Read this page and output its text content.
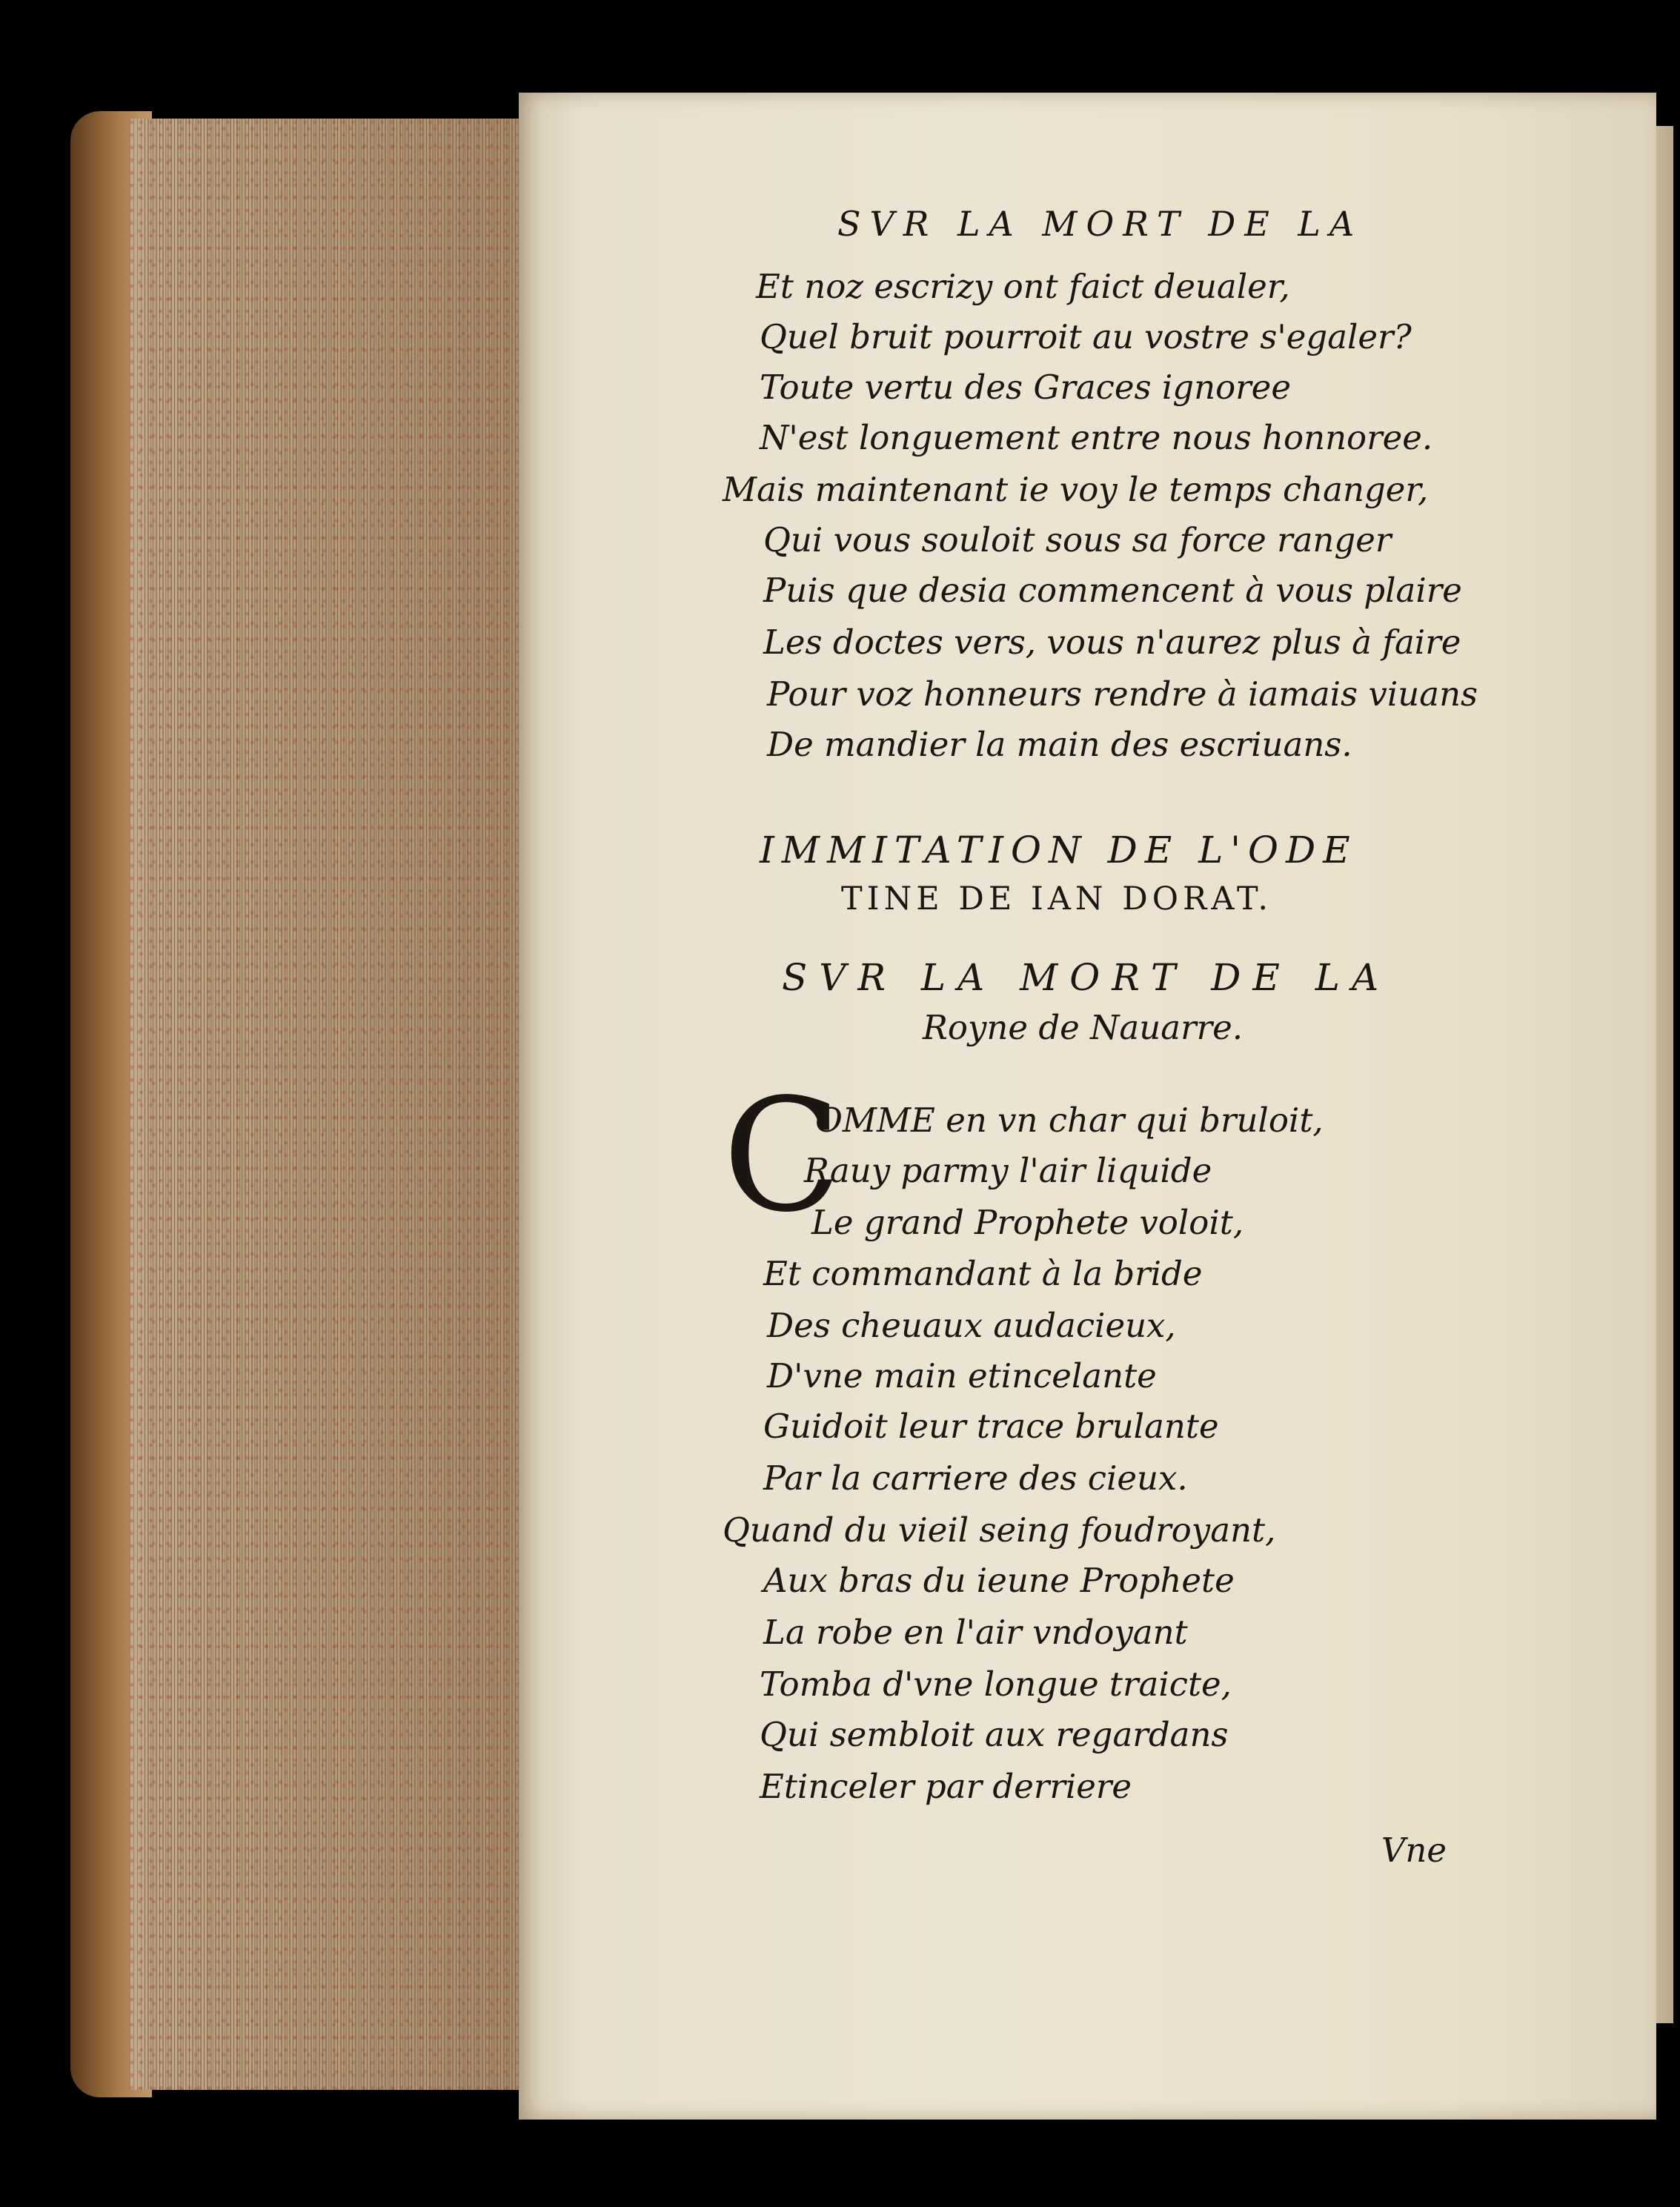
SVR LA MORT DE LA
Et noz escrizy ont faict deualer,
Quel bruit pourroit au vostre s'egaler?
Toute vertu des Graces ignoree
N'est longuement entre nous honnoree.
Mais maintenant ie voy le temps changer,
Qui vous souloit sous sa force ranger
Puis que desia commencent à vous plaire
Les doctes vers, vous n'aurez plus à faire
Pour voz honneurs rendre à iamais viuans
De mandier la main des escriuans.
IMMITATION DE L'ODE
TINE DE IAN DORAT.
SVR LA MORT DE LA
Royne de Nauarre.
C
OMME en vn char qui bruloit,
Rauy parmy l'air liquide
Le grand Prophete voloit,
Et commandant à la bride
Des cheuaux audacieux,
D'vne main etincelante
Guidoit leur trace brulante
Par la carriere des cieux.
Quand du vieil seing foudroyant,
Aux bras du ieune Prophete
La robe en l'air vndoyant
Tomba d'vne longue traicte,
Qui sembloit aux regardans
Etinceler par derriere
Vne
